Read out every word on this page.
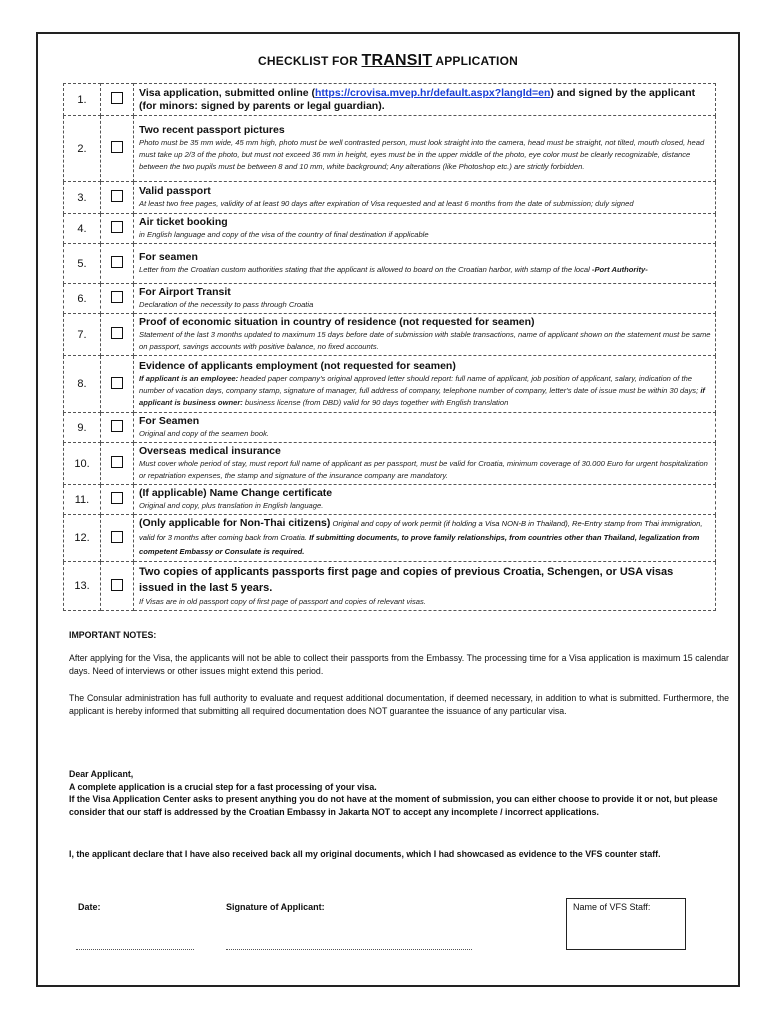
CHECKLIST FOR TRANSIT APPLICATION
1.		Visa application, submitted online (https://crovisa.mvep.hr/default.aspx?langId=en) and signed by the applicant (for minors: signed by parents or legal guardian).
2.		Two recent passport pictures
Photo must be 35 mm wide, 45 mm high, photo must be well contrasted person, must look straight into the camera, head must be straight, not tilted, mouth closed, head must take up 2/3 of the photo, but must not exceed 36 mm in height, eyes must be in the upper middle of the photo, eye color must be clearly recognizable, distance between the two pupils must be between 8 and 10 mm, white background; Any alterations (like Photoshop etc.) are strictly forbidden.

3.		Valid passport
At least two free pages, validity of at least 90 days after expiration of Visa requested and at least 6 months from the date of submission; duly signed

4.		Air ticket booking
in English language and copy of the visa of the country of final destination if applicable

5.		For seamen
Letter from the Croatian custom authorities stating that the applicant is allowed to board on the Croatian harbor, with stamp of the local -Port Authority-

6.		For Airport Transit
Declaration of the necessity to pass through Croatia

7.		Proof of economic situation in country of residence (not requested for seamen)
Statement of the last 3 months updated to maximum 15 days before date of submission with stable transactions, name of applicant shown on the statement must be same on passport, savings accounts with positive balance, no fixed accounts.

8.		Evidence of applicants employment (not requested for seamen)
If applicant is an employee: headed paper company's original approved letter should report: full name of applicant, job position of applicant, salary, indication of the number of vacation days, company stamp, signature of manager, full address of company, telephone number of company, letter's date of issue must be within 30 days; if applicant is business owner: business license (from DBD) valid for 90 days together with English translation

9.		For Seamen
Original and copy of the seamen book.

10.		Overseas medical insurance
Must cover whole period of stay, must report full name of applicant as per passport, must be valid for Croatia, minimum coverage of 30.000 Euro for urgent hospitalization or repatriation expenses, the stamp and signature of the insurance company are mandatory.

11.		(If applicable) Name Change certificate
Original and copy, plus translation in English language.

12.		(Only applicable for Non-Thai citizens) Original and copy of work permit (if holding a Visa NON-B in Thailand), Re-Entry stamp from Thai immigration, valid for 3 months after coming back from Croatia. If submitting documents, to prove family relationships, from countries other than Thailand, legalization from competent Embassy or Consulate is required.

13.		Two copies of applicants passports first page and copies of previous Croatia, Schengen, or USA visas issued in the last 5 years.
If Visas are in old passport copy of first page of passport and copies of relevant visas.

IMPORTANT NOTES:

After applying for the Visa, the applicants will not be able to collect their passports from the Embassy. The processing time for a Visa application is maximum 15 calendar days. Need of interviews or other issues might extend this period.

The Consular administration has full authority to evaluate and request additional documentation, if deemed necessary, in addition to what is submitted. Furthermore, the applicant is hereby informed that submitting all required documentation does NOT guarantee the issuance of any particular visa.

Dear Applicant,
A complete application is a crucial step for a fast processing of your visa.
If the Visa Application Center asks to present anything you do not have at the moment of submission, you can either choose to provide it or not, but please consider that our staff is addressed by the Croatian Embassy in Jakarta NOT to accept any incomplete / incorrect applications.
I, the applicant declare that I have also received back all my original documents, which I had showcased as evidence to the VFS counter staff.
Date:	Signature of Applicant:	Name of VFS Staff:
